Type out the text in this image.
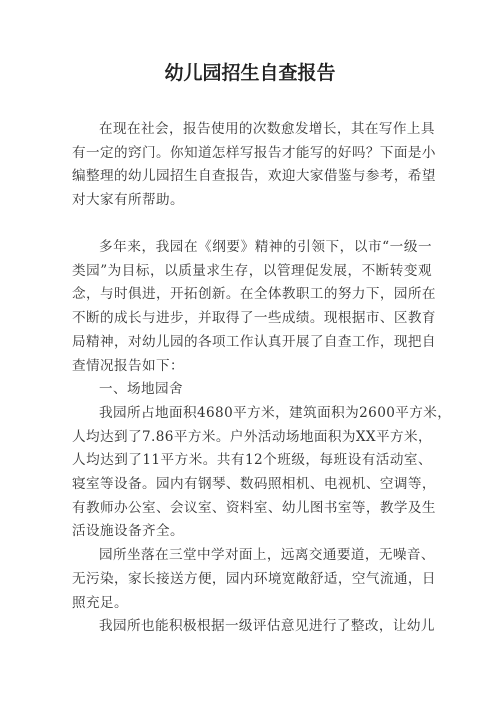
幼儿园招生自查报告
在现在社会，报告使用的次数愈发增长，其在写作上具
有一定的窍门。你知道怎样写报告才能写的好吗？下面是小
编整理的幼儿园招生自查报告，欢迎大家借鉴与参考，希望
对大家有所帮助。
多年来，我园在《纲要》精神的引领下，以市“一级一
类园”为目标，以质量求生存，以管理促发展，不断转变观
念，与时俱进，开拓创新。在全体教职工的努力下，园所在
不断的成长与进步，并取得了一些成绩。现根据市、区教育
局精神，对幼儿园的各项工作认真开展了自查工作，现把自
查情况报告如下：
一、场地园舍
我园所占地面积4680平方米，建筑面积为2600平方米，
人均达到了7.86平方米。户外活动场地面积为XX平方米，
人均达到了11平方米。共有12个班级，每班设有活动室、
寝室等设备。园内有钢琴、数码照相机、电视机、空调等，
有教师办公室、会议室、资料室、幼儿图书室等，教学及生
活设施设备齐全。
园所坐落在三堂中学对面上，远离交通要道，无噪音、
无污染，家长接送方便，园内环境宽敞舒适，空气流通，日
照充足。
我园所也能积极根据一级评估意见进行了整改，让幼儿
